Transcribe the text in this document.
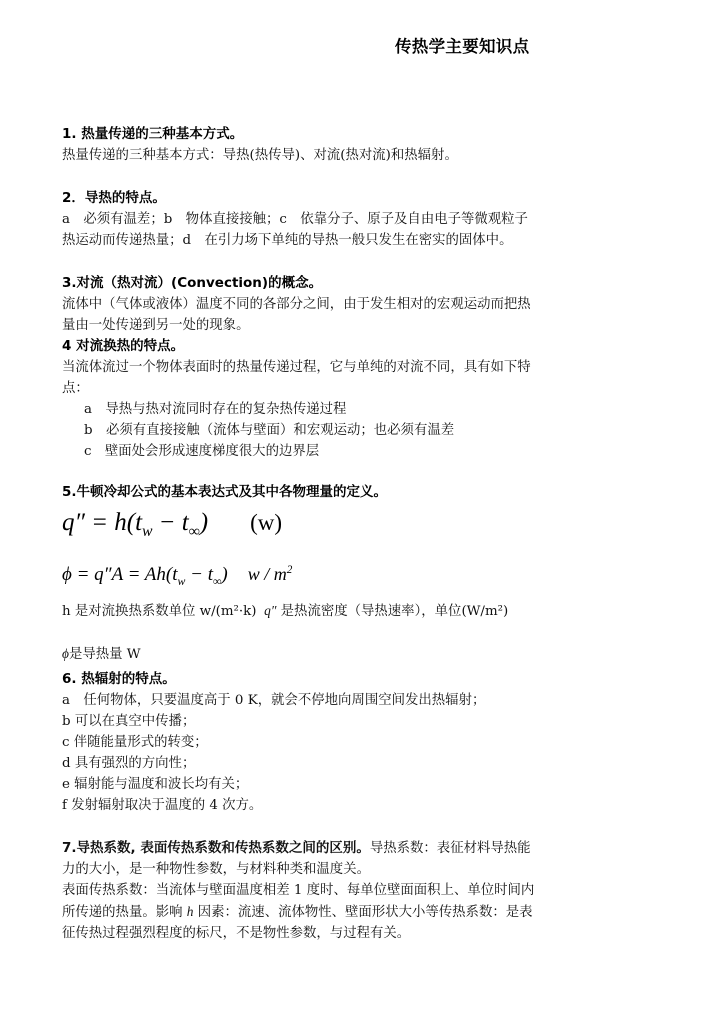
传热学主要知识点
1. 热量传递的三种基本方式。
热量传递的三种基本方式：导热(热传导)、对流(热对流)和热辐射。
2．导热的特点。
a　必须有温差；b　物体直接接触；c　依靠分子、原子及自由电子等微观粒子
热运动而传递热量；d　在引力场下单纯的导热一般只发生在密实的固体中。
3.对流（热对流）(Convection)的概念。
流体中（气体或液体）温度不同的各部分之间，由于发生相对的宏观运动而把热
量由一处传递到另一处的现象。
4 对流换热的特点。
当流体流过一个物体表面时的热量传递过程，它与单纯的对流不同，具有如下特
点：
a　导热与热对流同时存在的复杂热传递过程
b　必须有直接接触（流体与壁面）和宏观运动；也必须有温差
c　壁面处会形成速度梯度很大的边界层
5.牛顿冷却公式的基本表达式及其中各物理量的定义。
$q'' = h(t_w - t_\infty)$ (w)
$\phi = q''A = Ah(t_w - t_\infty)$ w / $m^2$
h 是对流换热系数单位 w/(m²·k)  q″ 是热流密度（导热速率），单位(W/m²)
ϕ是导热量 W
6. 热辐射的特点。
a　任何物体，只要温度高于 0 K，就会不停地向周围空间发出热辐射；
b 可以在真空中传播；
c 伴随能量形式的转变；
d 具有强烈的方向性；
e 辐射能与温度和波长均有关；
f 发射辐射取决于温度的 4 次方。
7.导热系数, 表面传热系数和传热系数之间的区别。导热系数：表征材料导热能
力的大小，是一种物性参数，与材料种类和温度关。
表面传热系数：当流体与壁面温度相差 1 度时、每单位壁面面积上、单位时间内
所传递的热量。影响 h 因素：流速、流体物性、壁面形状大小等传热系数：是表
征传热过程强烈程度的标尺，不是物性参数，与过程有关。
